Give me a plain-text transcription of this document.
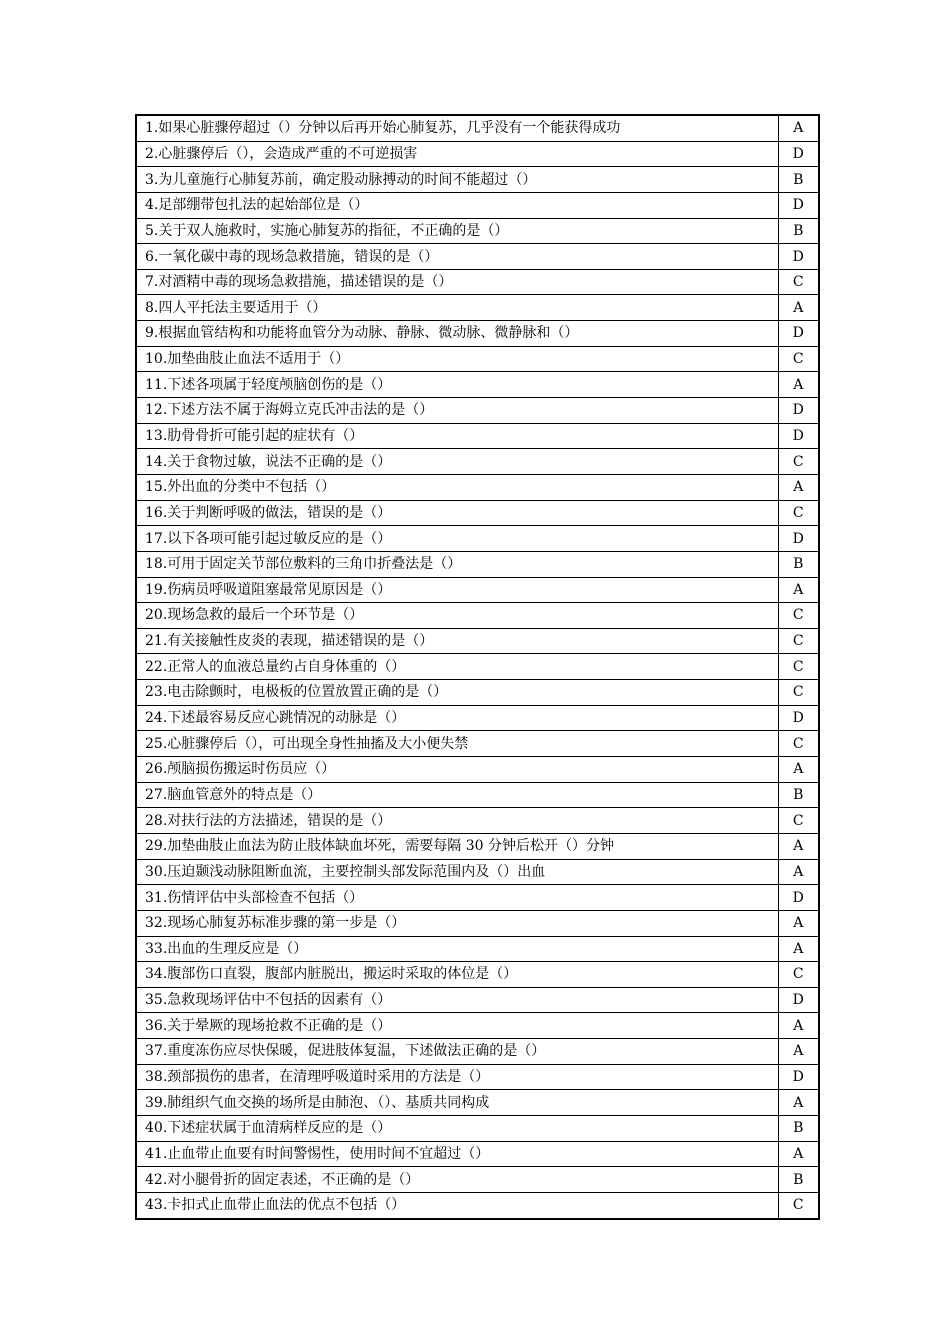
1.如果心脏骤停超过（）分钟以后再开始心肺复苏，几乎没有一个能获得成功	A
2.心脏骤停后（），会造成严重的不可逆损害	D
3.为儿童施行心肺复苏前，确定股动脉搏动的时间不能超过（）	B
4.足部绷带包扎法的起始部位是（）	D
5.关于双人施救时，实施心肺复苏的指征，不正确的是（）	B
6.一氧化碳中毒的现场急救措施，错误的是（）	D
7.对酒精中毒的现场急救措施，描述错误的是（）	C
8.四人平托法主要适用于（）	A
9.根据血管结构和功能将血管分为动脉、静脉、微动脉、微静脉和（）	D
10.加垫曲肢止血法不适用于（）	C
11.下述各项属于轻度颅脑创伤的是（）	A
12.下述方法不属于海姆立克氏冲击法的是（）	D
13.肋骨骨折可能引起的症状有（）	D
14.关于食物过敏，说法不正确的是（）	C
15.外出血的分类中不包括（）	A
16.关于判断呼吸的做法，错误的是（）	C
17.以下各项可能引起过敏反应的是（）	D
18.可用于固定关节部位敷料的三角巾折叠法是（）	B
19.伤病员呼吸道阻塞最常见原因是（）	A
20.现场急救的最后一个环节是（）	C
21.有关接触性皮炎的表现，描述错误的是（）	C
22.正常人的血液总量约占自身体重的（）	C
23.电击除颤时，电极板的位置放置正确的是（）	C
24.下述最容易反应心跳情况的动脉是（）	D
25.心脏骤停后（），可出现全身性抽搐及大小便失禁	C
26.颅脑损伤搬运时伤员应（）	A
27.脑血管意外的特点是（）	B
28.对扶行法的方法描述，错误的是（）	C
29.加垫曲肢止血法为防止肢体缺血坏死，需要每隔 30 分钟后松开（）分钟	A
30.压迫颞浅动脉阻断血流，主要控制头部发际范围内及（）出血	A
31.伤情评估中头部检查不包括（）	D
32.现场心肺复苏标准步骤的第一步是（）	A
33.出血的生理反应是（）	A
34.腹部伤口直裂，腹部内脏脱出，搬运时采取的体位是（）	C
35.急救现场评估中不包括的因素有（）	D
36.关于晕厥的现场抢救不正确的是（）	A
37.重度冻伤应尽快保暖，促进肢体复温，下述做法正确的是（）	A
38.颈部损伤的患者，在清理呼吸道时采用的方法是（）	D
39.肺组织气血交换的场所是由肺泡、（）、基质共同构成	A
40.下述症状属于血清病样反应的是（）	B
41.止血带止血要有时间警惕性，使用时间不宜超过（）	A
42.对小腿骨折的固定表述，不正确的是（）	B
43.卡扣式止血带止血法的优点不包括（）	C
